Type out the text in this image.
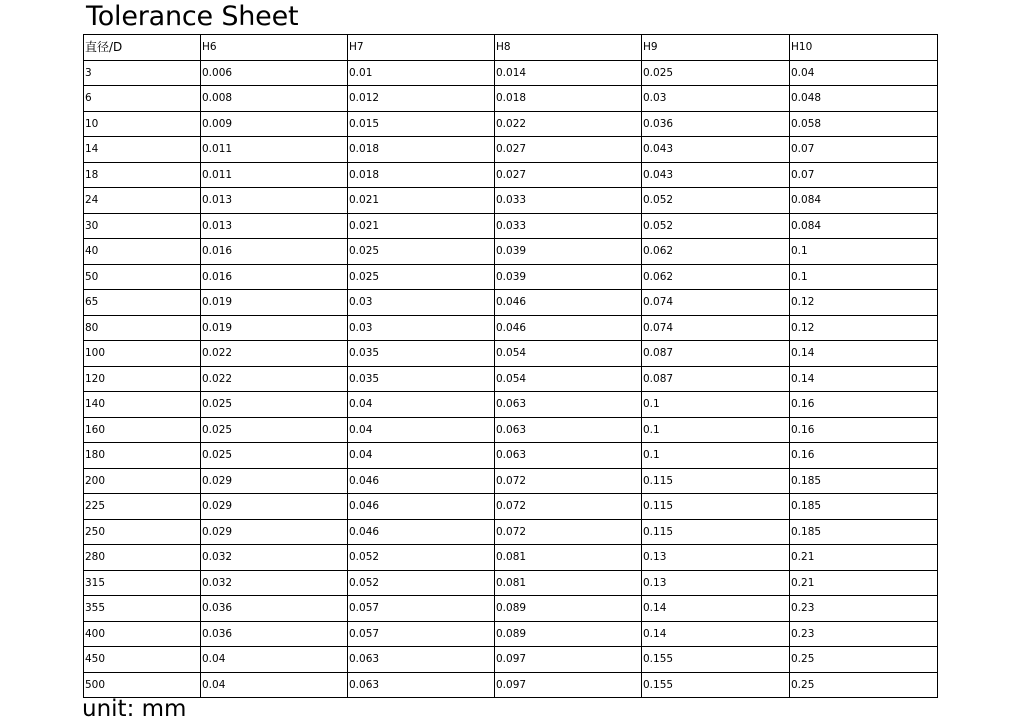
Tolerance Sheet
直径/D	H6	H7	H8	H9	H10
3	0.006	0.01	0.014	0.025	0.04
6	0.008	0.012	0.018	0.03	0.048
10	0.009	0.015	0.022	0.036	0.058
14	0.011	0.018	0.027	0.043	0.07
18	0.011	0.018	0.027	0.043	0.07
24	0.013	0.021	0.033	0.052	0.084
30	0.013	0.021	0.033	0.052	0.084
40	0.016	0.025	0.039	0.062	0.1
50	0.016	0.025	0.039	0.062	0.1
65	0.019	0.03	0.046	0.074	0.12
80	0.019	0.03	0.046	0.074	0.12
100	0.022	0.035	0.054	0.087	0.14
120	0.022	0.035	0.054	0.087	0.14
140	0.025	0.04	0.063	0.1	0.16
160	0.025	0.04	0.063	0.1	0.16
180	0.025	0.04	0.063	0.1	0.16
200	0.029	0.046	0.072	0.115	0.185
225	0.029	0.046	0.072	0.115	0.185
250	0.029	0.046	0.072	0.115	0.185
280	0.032	0.052	0.081	0.13	0.21
315	0.032	0.052	0.081	0.13	0.21
355	0.036	0.057	0.089	0.14	0.23
400	0.036	0.057	0.089	0.14	0.23
450	0.04	0.063	0.097	0.155	0.25
500	0.04	0.063	0.097	0.155	0.25
unit: mm
